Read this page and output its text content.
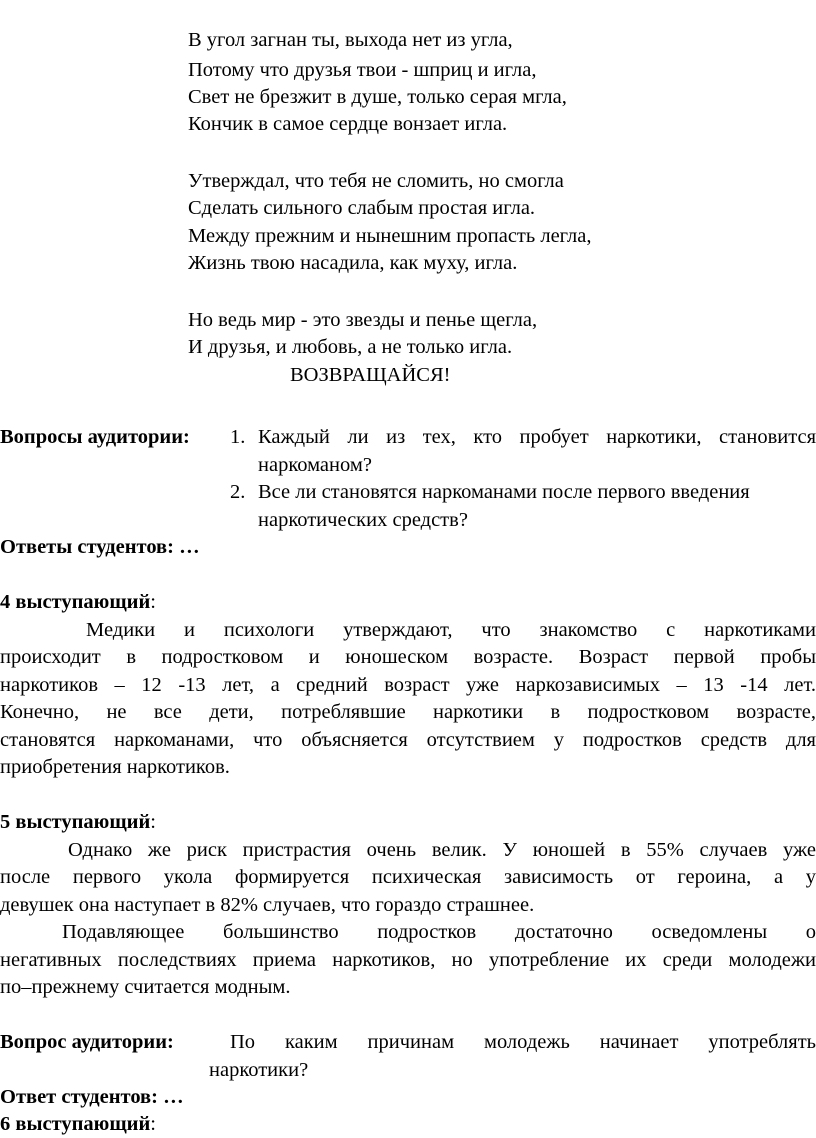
В угол загнан ты, выхода нет из угла,
Потому что друзья твои - шприц и игла,
Свет не брезжит в душе, только серая мгла,
Кончик в самое сердце вонзает игла.
Утверждал, что тебя не сломить, но смогла
Сделать сильного слабым простая игла.
Между прежним и нынешним пропасть легла,
Жизнь твою насадила, как муху, игла.
Но ведь мир - это звезды и пенье щегла,
И друзья, и любовь, а не только игла.
ВОЗВРАЩАЙСЯ!
Вопросы аудитории: 1. Каждый ли из тех, кто пробует наркотики, становится
наркоманом?
2. Все ли становятся наркоманами после первого введения
наркотических средств?
Ответы студентов: …
4 выступающий:
Медики и психологи утверждают, что знакомство с наркотиками
происходит в подростковом и юношеском возрасте. Возраст первой пробы
наркотиков – 12 -13 лет, а средний возраст уже наркозависимых – 13 -14 лет.
Конечно, не все дети, потреблявшие наркотики в подростковом возрасте,
становятся наркоманами, что объясняется отсутствием у подростков средств для
приобретения наркотиков.
5 выступающий:
Однако же риск пристрастия очень велик. У юношей в 55% случаев уже
после первого укола формируется психическая зависимость от героина, а у
девушек она наступает в 82% случаев, что гораздо страшнее.
Подавляющее большинство подростков достаточно осведомлены о
негативных последствиях приема наркотиков, но употребление их среди молодежи
по–прежнему считается модным.
Вопрос аудитории:	По каким причинам молодежь начинает употреблять
наркотики?
Ответ студентов: …
6 выступающий:
